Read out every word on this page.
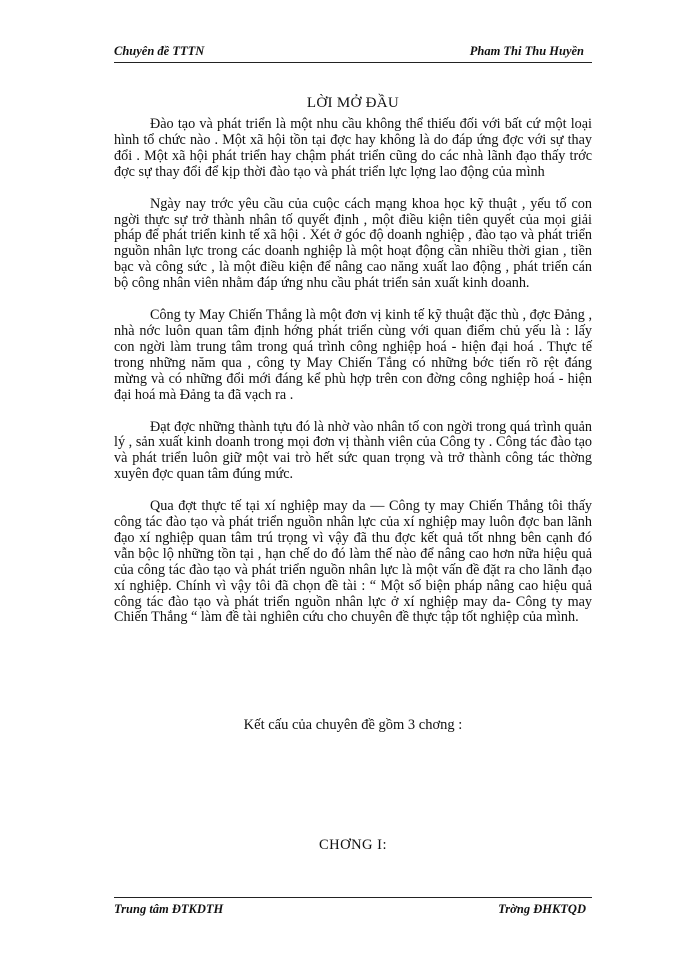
Chuyên đề TTTN	Pham Thi Thu Huyền
LỜI MỞ ĐẦU

Đào tạo và phát triển là một nhu cầu không thể thiếu đối với bất cứ một loại hình tổ chức nào . Một xã hội tồn tại đợc hay không là do đáp ứng đợc với sự thay đổi . Một xã hội phát triển hay chậm phát triển cũng do các nhà lãnh đạo thấy trớc đợc sự thay đổi để kịp thời đào tạo và phát triển lực lợng lao động của mình

Ngày nay trớc yêu cầu của cuộc cách mạng khoa học kỹ thuật , yếu tố con ngời thực sự trở thành nhân tố quyết định , một điều kiện tiên quyết của mọi giải pháp để phát triển kinh tế xã hội . Xét ở góc độ doanh nghiệp , đào tạo và phát triển nguồn nhân lực trong các doanh nghiệp là một hoạt động cần nhiều thời gian , tiền bạc và công sức , là một điều kiện để nâng cao năng xuất lao động , phát triển cán bộ công nhân viên nhằm đáp ứng nhu cầu phát triển sản xuất kinh doanh.

Công ty May Chiến Thắng là một đơn vị kinh tế kỹ thuật đặc thù , đợc Đảng , nhà nớc luôn quan tâm định hớng phát triển cùng với quan điểm chủ yếu là : lấy con ngời làm trung tâm trong quá trình công nghiệp hoá - hiện đại hoá . Thực tế trong những năm qua , công ty May Chiến Tắng có những bớc tiến rõ rệt đáng mừng và có những đổi mới đáng kể phù hợp trên con đờng công nghiệp hoá - hiện đại hoá mà Đảng ta đã vạch ra .

Đạt đợc những thành tựu đó là nhờ vào nhân tố con ngời trong quá trình quản lý , sản xuất kinh doanh trong mọi đơn vị thành viên của Công ty . Công tác đào tạo và phát triển luôn giữ một vai trò hết sức quan trọng và trở thành công tác thờng xuyên đợc quan tâm đúng mức.

Qua đợt thực tế tại xí nghiệp may da — Công ty may Chiến Thắng tôi thấy công tác đào tạo và phát triển nguồn nhân lực của xí nghiệp may luôn đợc ban lãnh đạo xí nghiệp quan tâm trú trọng vì vậy đã thu đợc kết quả tốt nhng bên cạnh đó vẫn bộc lộ những tồn tại , hạn chế do đó làm thế nào để nâng cao hơn nữa hiệu quả của công tác đào tạo và phát triển nguồn nhân lực là một vấn đề đặt ra cho lãnh đạo xí nghiệp. Chính vì vậy tôi đã chọn đề tài : “ Một số biện pháp nâng cao hiệu quả công tác đào tạo và phát triển nguồn nhân lực ở xí nghiệp may da- Công ty may Chiến Thắng “ làm đề tài nghiên cứu cho chuyên đề thực tập tốt nghiệp của mình.

Kết cấu của chuyên đề gồm 3 chơng :
CHƠNG I:
Trung tâm ĐTKDTH	Trờng ĐHKTQD
